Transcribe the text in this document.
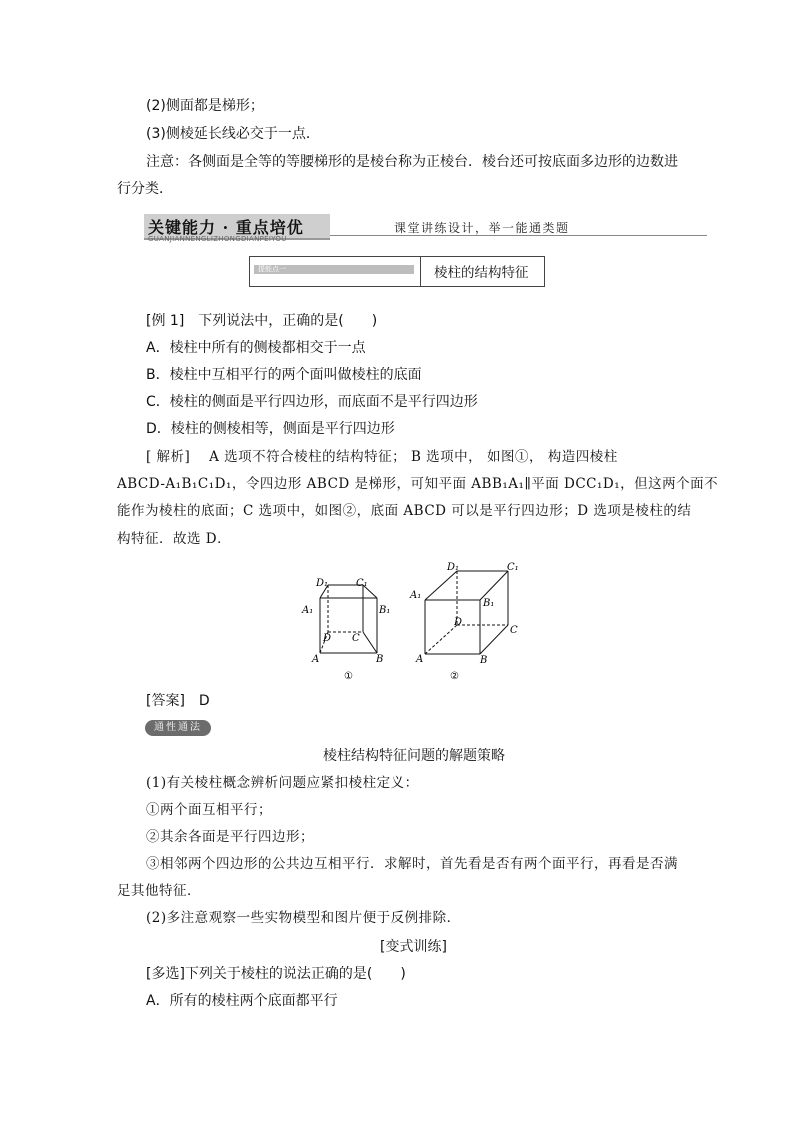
(2)侧面都是梯形；
(3)侧棱延长线必交于一点．
注意：各侧面是全等的等腰梯形的是棱台称为正棱台．棱台还可按底面多边形的边数进
行分类．
关键能力 · 重点培优
GUANJIANNENGLIZHONGDIANPEIYOU
课堂讲练设计，举一能通类题
提能点一	棱柱的结构特征
[例 1]　下列说法中，正确的是(　　)
A．棱柱中所有的侧棱都相交于一点
B．棱柱中互相平行的两个面叫做棱柱的底面
C．棱柱的侧面是平行四边形，而底面不是平行四边形
D．棱柱的侧棱相等，侧面是平行四边形
[ 解析]　 A 选项不符合棱柱的结构特征； B 选项中， 如图①， 构造四棱柱
ABCD-A₁B₁C₁D₁，令四边形 ABCD 是梯形，可知平面 ABB₁A₁∥平面 DCC₁D₁，但这两个面不
能作为棱柱的底面；C 选项中，如图②，底面 ABCD 可以是平行四边形；D 选项是棱柱的结
构特征．故选 D．
D₁	C₁
A₁	B₁
D C
A	B
①
D₁	C₁
A₁
B₁
D
C
A	B
②
[答案]　D
通性通法
棱柱结构特征问题的解题策略
(1)有关棱柱概念辨析问题应紧扣棱柱定义：
①两个面互相平行；
②其余各面是平行四边形；
③相邻两个四边形的公共边互相平行．求解时，首先看是否有两个面平行，再看是否满
足其他特征．
(2)多注意观察一些实物模型和图片便于反例排除．
[变式训练]
[多选]下列关于棱柱的说法正确的是(　　)
A．所有的棱柱两个底面都平行
